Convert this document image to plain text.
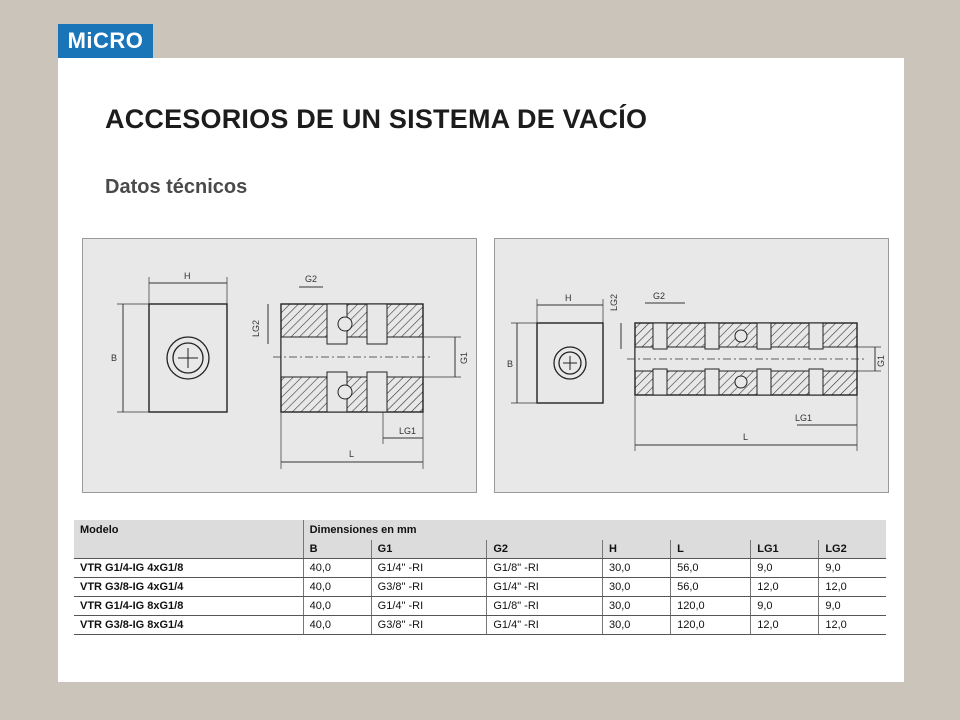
MiCRO
ACCESORIOS DE UN SISTEMA DE VACÍO
Datos técnicos
H
B
G2
LG2
G1
LG1
L
H
B
G2
LG2
G1
LG1
L
Modelo	Dimensiones en mm						
	B	G1	G2	H	L	LG1	LG2
VTR G1/4-IG 4xG1/8	40,0	G1/4" -RI	G1/8" -RI	30,0	56,0	9,0	9,0
VTR G3/8-IG 4xG1/4	40,0	G3/8" -RI	G1/4" -RI	30,0	56,0	12,0	12,0
VTR G1/4-IG 8xG1/8	40,0	G1/4" -RI	G1/8" -RI	30,0	120,0	9,0	9,0
VTR G3/8-IG 8xG1/4	40,0	G3/8" -RI	G1/4" -RI	30,0	120,0	12,0	12,0
